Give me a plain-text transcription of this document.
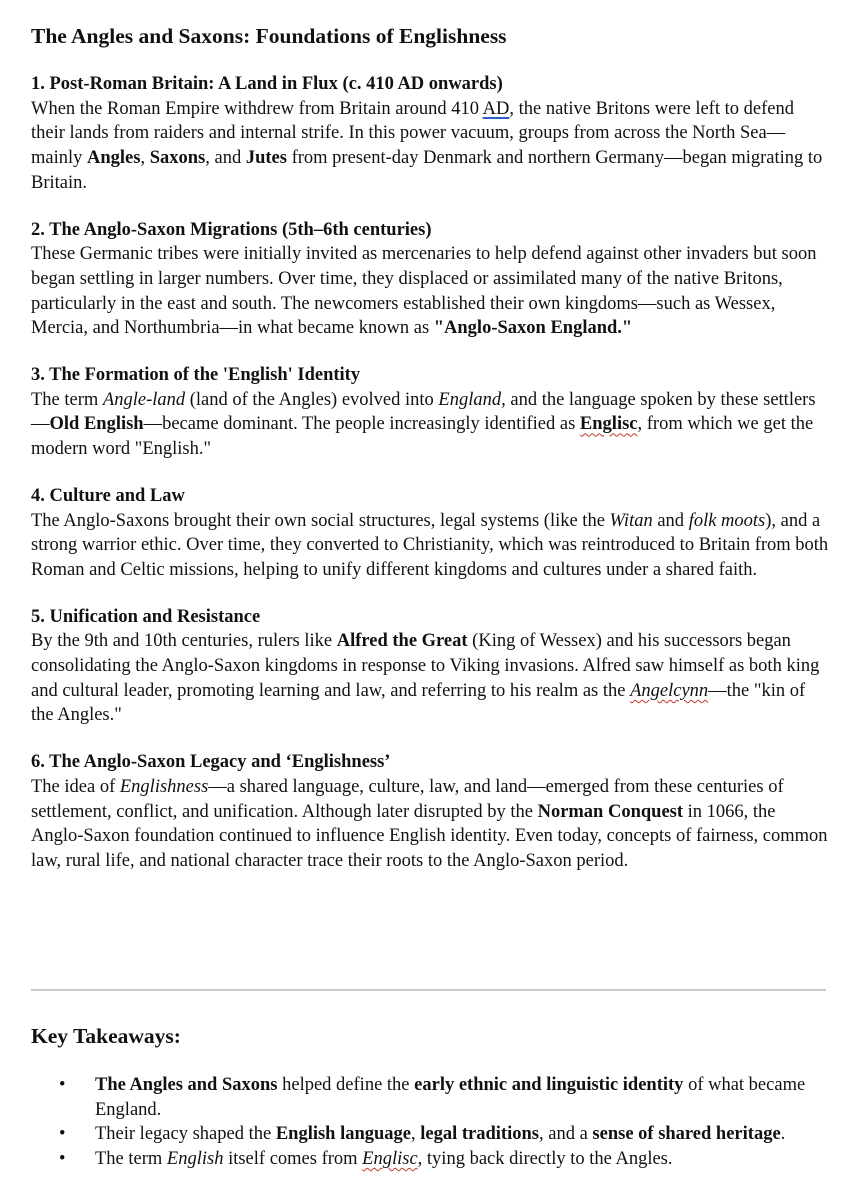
The Angles and Saxons: Foundations of Englishness
1. Post-Roman Britain: A Land in Flux (c. 410 AD onwards)

When the Roman Empire withdrew from Britain around 410 AD, the native Britons were left to defend their lands from raiders and internal strife. In this power vacuum, groups from across the North Sea—mainly Angles, Saxons, and Jutes from present-day Denmark and northern Germany—began migrating to Britain.

2. The Anglo-Saxon Migrations (5th–6th centuries)

These Germanic tribes were initially invited as mercenaries to help defend against other invaders but soon began settling in larger numbers. Over time, they displaced or assimilated many of the native Britons, particularly in the east and south. The newcomers established their own kingdoms—such as Wessex, Mercia, and Northumbria—in what became known as "Anglo-Saxon England."

3. The Formation of the 'English' Identity

The term Angle-land (land of the Angles) evolved into England, and the language spoken by these settlers—Old English—became dominant. The people increasingly identified as Englisc, from which we get the modern word "English."

4. Culture and Law

The Anglo-Saxons brought their own social structures, legal systems (like the Witan and folk moots), and a strong warrior ethic. Over time, they converted to Christianity, which was reintroduced to Britain from both Roman and Celtic missions, helping to unify different kingdoms and cultures under a shared faith.

5. Unification and Resistance

By the 9th and 10th centuries, rulers like Alfred the Great (King of Wessex) and his successors began consolidating the Anglo-Saxon kingdoms in response to Viking invasions. Alfred saw himself as both king and cultural leader, promoting learning and law, and referring to his realm as the Angelcynn—the "kin of the Angles."

6. The Anglo-Saxon Legacy and ‘Englishness’

The idea of Englishness—a shared language, culture, law, and land—emerged from these centuries of settlement, conflict, and unification. Although later disrupted by the Norman Conquest in 1066, the Anglo-Saxon foundation continued to influence English identity. Even today, concepts of fairness, common law, rural life, and national character trace their roots to the Anglo-Saxon period.

Key Takeaways:
• The Angles and Saxons helped define the early ethnic and linguistic identity of what became England.
• Their legacy shaped the English language, legal traditions, and a sense of shared heritage.
• The term English itself comes from Englisc, tying back directly to the Angles.
